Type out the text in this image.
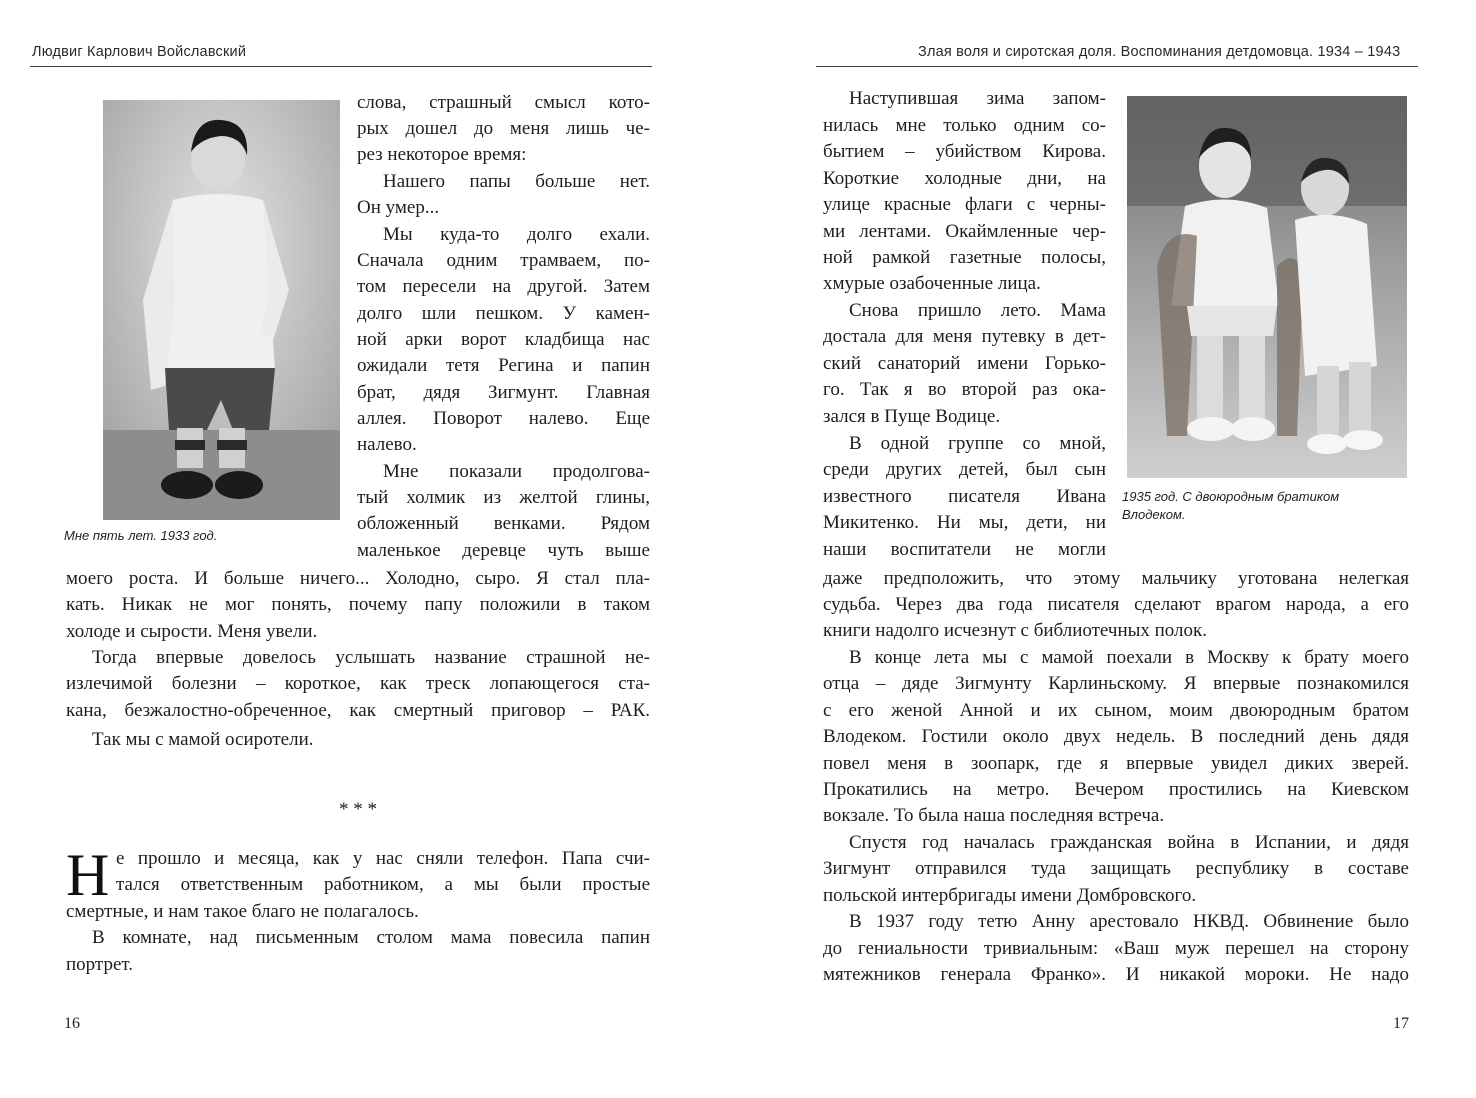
Людвиг Карлович Войславский
Мне пять лет. 1933 год.
слова, страшный смысл кото-
рых дошел до меня лишь че-
рез некоторое время:
Нашего папы больше нет.
Он умер...
Мы куда-то долго ехали.
Сначала одним трамваем, по-
том пересели на другой. Затем
долго шли пешком. У камен-
ной арки ворот кладбища нас
ожидали тетя Регина и папин
брат, дядя Зигмунт. Главная
аллея. Поворот налево. Еще
налево.
Мне показали продолгова-
тый холмик из желтой глины,
обложенный венками. Рядом
маленькое деревце чуть выше
моего роста. И больше ничего... Холодно, сыро. Я стал пла-
кать. Никак не мог понять, почему папу положили в таком
холоде и сырости. Меня увели.
Тогда впервые довелось услышать название страшной не-
излечимой болезни – короткое, как треск лопающегося ста-
кана, безжалостно-обреченное, как смертный приговор – РАК.
Так мы с мамой осиротели.
* * *
Н е прошло и месяца, как у нас сняли телефон. Папа счи-
тался ответственным работником, а мы были простые
смертные, и нам такое благо не полагалось.
В комнате, над письменным столом мама повесила папин
портрет.
16
Злая воля и сиротская доля. Воспоминания детдомовца. 1934 – 1943
Наступившая зима запом-
нилась мне только одним со-
бытием – убийством Кирова.
Короткие холодные дни, на
улице красные флаги с черны-
ми лентами. Окаймленные чер-
ной рамкой газетные полосы,
хмурые озабоченные лица.
Снова пришло лето. Мама
достала для меня путевку в дет-
ский санаторий имени Горько-
го. Так я во второй раз ока-
зался в Пуще Водице.
В одной группе со мной,
среди других детей, был сын
известного писателя Ивана
Микитенко. Ни мы, дети, ни
наши воспитатели не могли
1935 год. С двоюродным братиком
Влодеком.
даже предположить, что этому мальчику уготована нелегкая
судьба. Через два года писателя сделают врагом народа, а его
книги надолго исчезнут с библиотечных полок.
В конце лета мы с мамой поехали в Москву к брату моего
отца – дяде Зигмунту Карлиньскому. Я впервые познакомился
с его женой Анной и их сыном, моим двоюродным братом
Влодеком. Гостили около двух недель. В последний день дядя
повел меня в зоопарк, где я впервые увидел диких зверей.
Прокатились на метро. Вечером простились на Киевском
вокзале. То была наша последняя встреча.
Спустя год началась гражданская война в Испании, и дядя
Зигмунт отправился туда защищать республику в составе
польской интербригады имени Домбровского.
В 1937 году тетю Анну арестовало НКВД. Обвинение было
до гениальности тривиальным: «Ваш муж перешел на сторону
мятежников генерала Франко». И никакой мороки. Не надо
17
